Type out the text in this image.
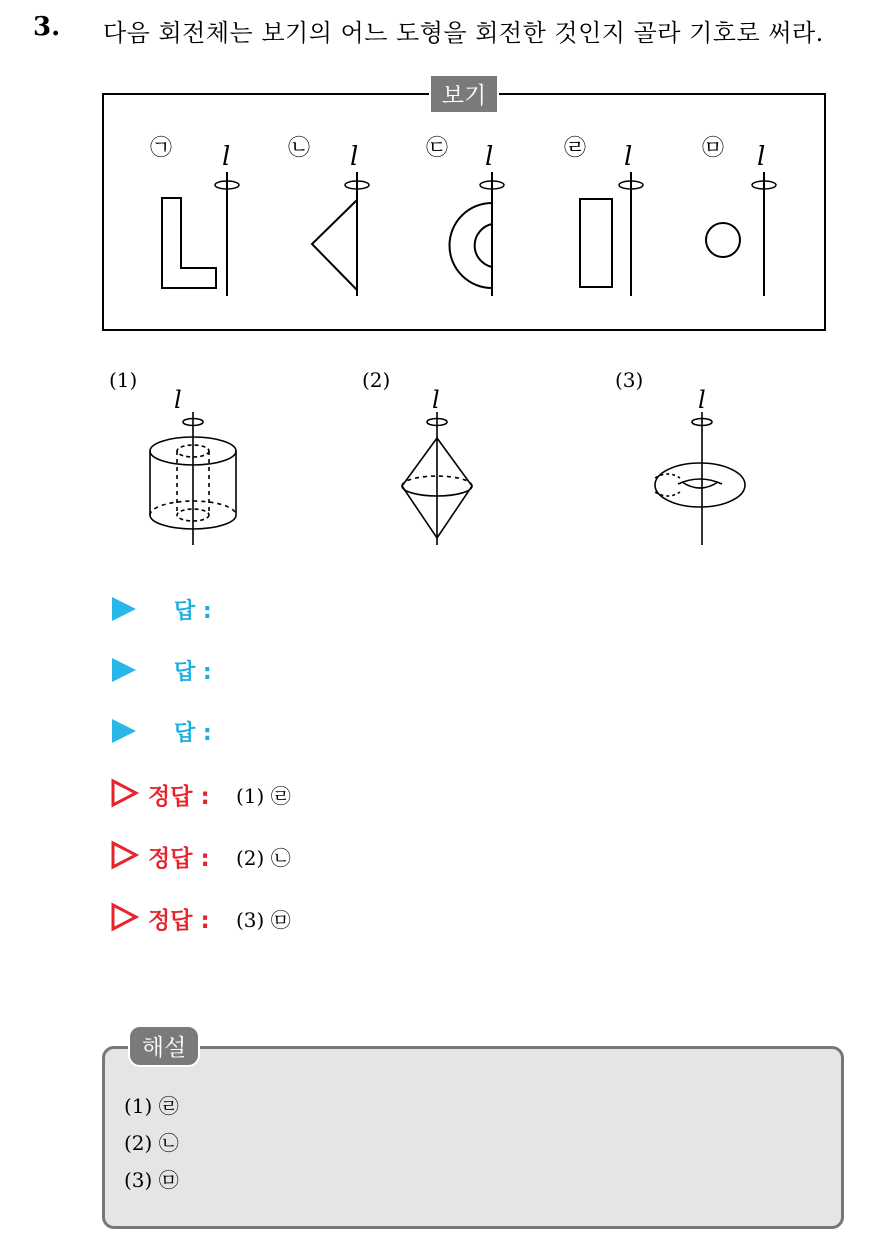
3. 다음 회전체는 보기의 어느 도형을 회전한 것인지 골라 기호로 써라.
보기
㉠	㉡	㉢	㉣	㉤
l	l	l	l	l
l	l	l
(1)	(2)	(3)
답 :
답 :
답 :
정답 : (1) ㉣
정답 : (2) ㉡
정답 : (3) ㉤
해설
(1) ㉣
(2) ㉡
(3) ㉤
